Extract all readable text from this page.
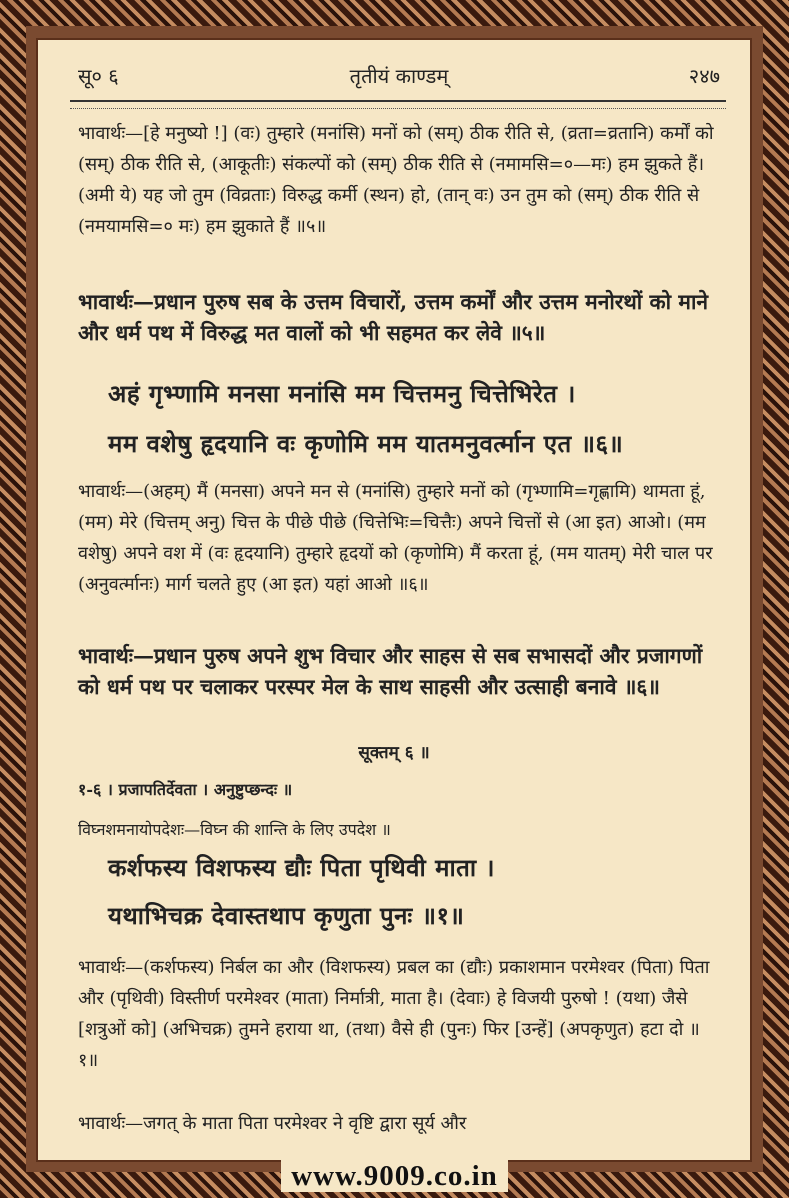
सू० ६	तृतीयं काण्डम्	२४७
भावार्थः—[हे मनुष्यो !] (वः) तुम्हारे (मनांसि) मनों को (सम्) ठीक रीति से, (व्रता=व्रतानि) कर्मों को (सम्) ठीक रीति से, (आकूतीः) संकल्पों को (सम्) ठीक रीति से (नमामसि=०—मः) हम झुकते हैं। (अमी ये) यह जो तुम (विव्रताः) विरुद्ध कर्मी (स्थन) हो, (तान् वः) उन तुम को (सम्) ठीक रीति से (नमयामसि=० मः) हम झुकाते हैं ॥५॥
भावार्थः—प्रधान पुरुष सब के उत्तम विचारों, उत्तम कर्मों और उत्तम मनोरथों को माने और धर्म पथ में विरुद्ध मत वालों को भी सहमत कर लेवे ॥५॥
अहं गृभ्णामि मनसा मनांसि मम चित्तमनु चित्तेभिरेत ।
मम वशेषु हृदयानि वः कृणोमि मम यातमनुवर्त्मान एत ॥६॥
भावार्थः—(अहम्) मैं (मनसा) अपने मन से (मनांसि) तुम्हारे मनों को (गृभ्णामि=गृह्णामि) थामता हूं, (मम) मेरे (चित्तम् अनु) चित्त के पीछे पीछे (चित्तेभिः=चित्तैः) अपने चित्तों से (आ इत) आओ। (मम वशेषु) अपने वश में (वः हृदयानि) तुम्हारे हृदयों को (कृणोमि) मैं करता हूं, (मम यातम्) मेरी चाल पर (अनुवर्त्मानः) मार्ग चलते हुए (आ इत) यहां आओ ॥६॥
भावार्थः—प्रधान पुरुष अपने शुभ विचार और साहस से सब सभासदों और प्रजागणों को धर्म पथ पर चलाकर परस्पर मेल के साथ साहसी और उत्साही बनावे ॥६॥
सूक्तम् ६ ॥
१-६ । प्रजापतिर्देवता । अनुष्टुप्छन्दः ॥
विघ्नशमनायोपदेशः—विघ्न की शान्ति के लिए उपदेश ॥
कर्शफस्य विशफस्य द्यौः पिता पृथिवी माता ।
यथाभिचक्र देवास्तथाप कृणुता पुनः ॥१॥
भावार्थः—(कर्शफस्य) निर्बल का और (विशफस्य) प्रबल का (द्यौः) प्रकाशमान परमेश्वर (पिता) पिता और (पृथिवी) विस्तीर्ण परमेश्वर (माता) निर्मात्री, माता है। (देवाः) हे विजयी पुरुषो ! (यथा) जैसे [शत्रुओं को] (अभिचक्र) तुमने हराया था, (तथा) वैसे ही (पुनः) फिर [उन्हें] (अपकृणुत) हटा दो ॥१॥
भावार्थः—जगत् के माता पिता परमेश्वर ने वृष्टि द्वारा सूर्य और
www.9009.co.in
